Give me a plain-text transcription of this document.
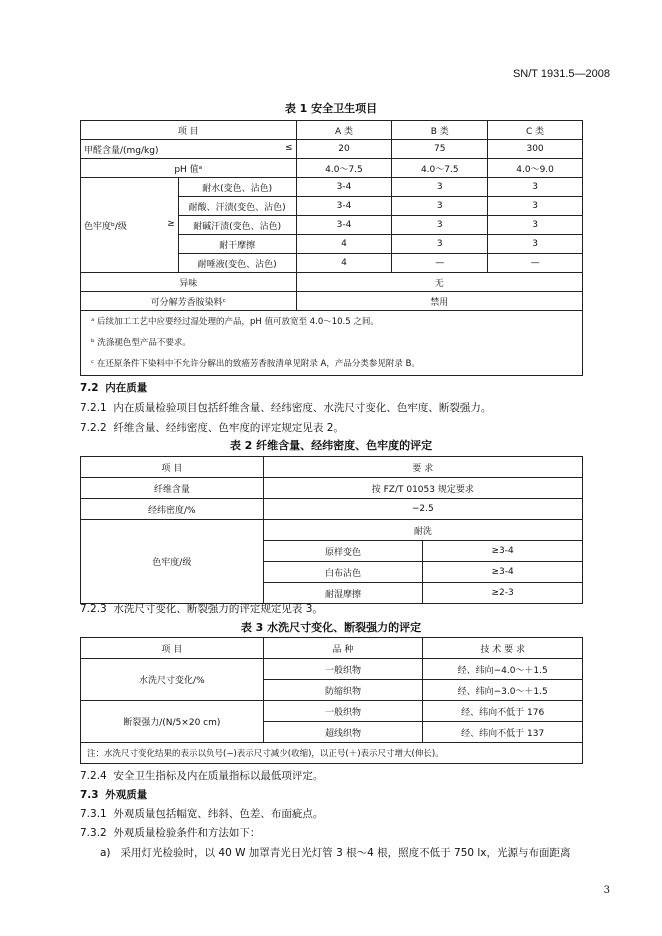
SN/T 1931.5—2008
表 1 安全卫生项目
项 目		A 类	B 类	C 类
甲醛含量/(mg/kg) ≤		20	75	300
pH 值ᵃ		4.0～7.5	4.0～7.5	4.0～9.0
色牢度ᵇ/级 ≥	耐水(变色、沾色)	3-4	3	3
	耐酸、汗渍(变色、沾色)	3-4	3	3
	耐碱汗渍(变色、沾色)	3-4	3	3
	耐干摩擦	4	3	3
	耐唾液(变色、沾色)	4	—	—
异味		无		
可分解芳香胺染料ᶜ		禁用		

ᵃ 后续加工工艺中应要经过湿处理的产品，pH 值可放宽至 4.0～10.5 之间。
ᵇ 洗涤褪色型产品不要求。
ᶜ 在还原条件下染料中不允许分解出的致癌芳香胺清单见附录 A，产品分类参见附录 B。				
7.2 内在质量
7.2.1 内在质量检验项目包括纤维含量、经纬密度、水洗尺寸变化、色牢度、断裂强力。
7.2.2 纤维含量、经纬密度、色牢度的评定规定见表 2。
表 2 纤维含量、经纬密度、色牢度的评定
项 目	要 求	
纤维含量	按 FZ/T 01053 规定要求	
经纬密度/%	−2.5	
色牢度/级	耐洗	
	原样变色	≥3-4
	白布沾色	≥3-4
	耐湿摩擦	≥2-3
7.2.3 水洗尺寸变化、断裂强力的评定规定见表 3。
表 3 水洗尺寸变化、断裂强力的评定
项 目	品 种	技 术 要 求
水洗尺寸变化/%	一般织物	经、纬向−4.0～＋1.5
	防缩织物	经、纬向−3.0～＋1.5
断裂强力/(N/5×20 cm)	一般织物	经、纬向不低于 176
	超线织物	经、纬向不低于 137
注：水洗尺寸变化结果的表示以负号(−)表示尺寸减少(收缩)，以正号(＋)表示尺寸增大(伸长)。		
7.2.4 安全卫生指标及内在质量指标以最低项评定。
7.3 外观质量
7.3.1 外观质量包括幅宽、纬斜、色差、布面疵点。
7.3.2 外观质量检验条件和方法如下：
a) 采用灯光检验时，以 40 W 加罩青光日光灯管 3 根～4 根，照度不低于 750 lx，光源与布面距离
3
